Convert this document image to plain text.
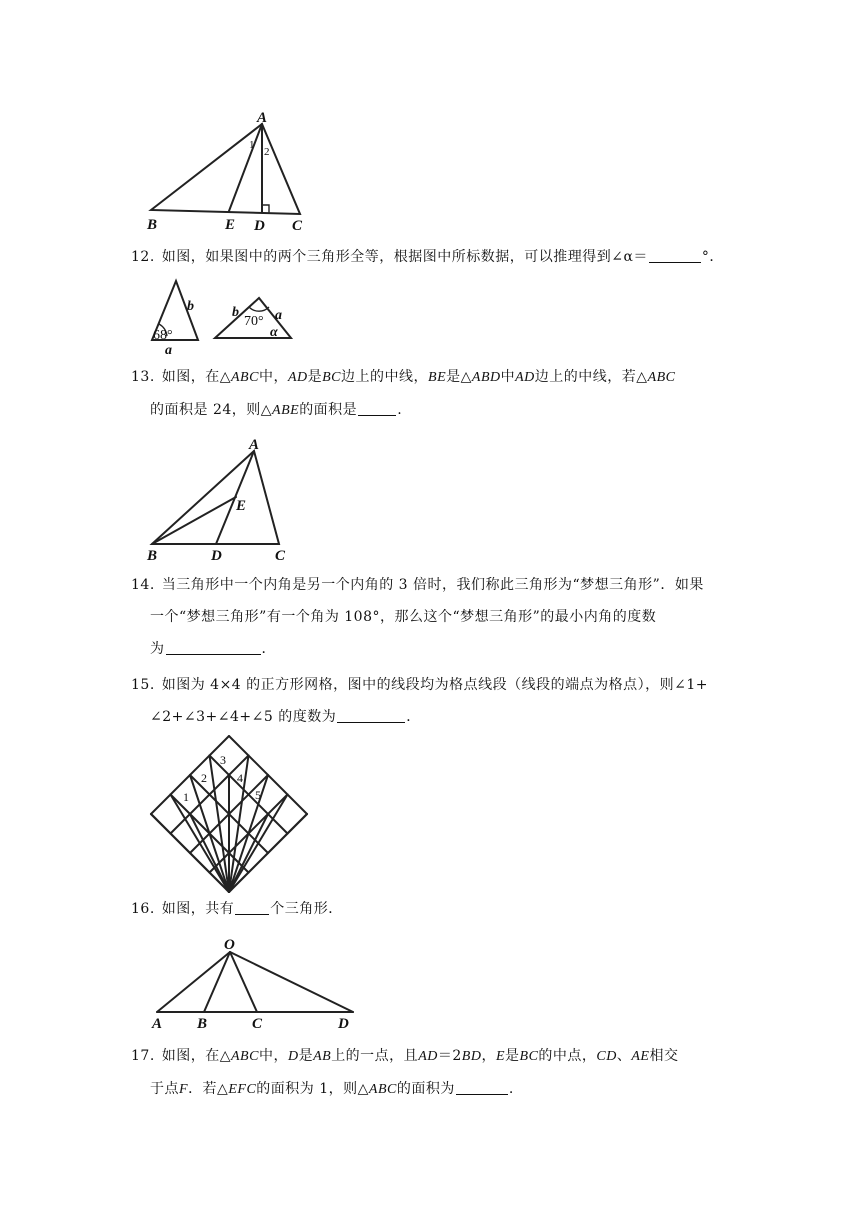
A
B	E D C
1
2
12. 如图，如果图中的两个三角形全等，根据图中所标数据，可以推理得到∠α＝	°．
68°
b
a
b
70° a
α
13. 如图，在△ABC中，AD是BC边上的中线，BE是△ABD中AD边上的中线，若△ABC
的面积是 24，则△ABE的面积是	.
A
E
B	D	C
14. 当三角形中一个内角是另一个内角的 3 倍时，我们称此三角形为“梦想三角形”．如果
一个“梦想三角形”有一个角为 108°，那么这个“梦想三角形”的最小内角的度数
为	．
15. 如图为 4×4 的正方形网格，图中的线段均为格点线段（线段的端点为格点），则∠1+
∠2+∠3+∠4+∠5 的度数为	．
1
2
3
4
5
16. 如图，共有	个三角形．
O
A B	C	D
17. 如图，在△ABC中，D是AB上的一点，且AD＝2BD，E是BC的中点，CD、AE相交
于点F．若△EFC的面积为 1，则△ABC的面积为	.
